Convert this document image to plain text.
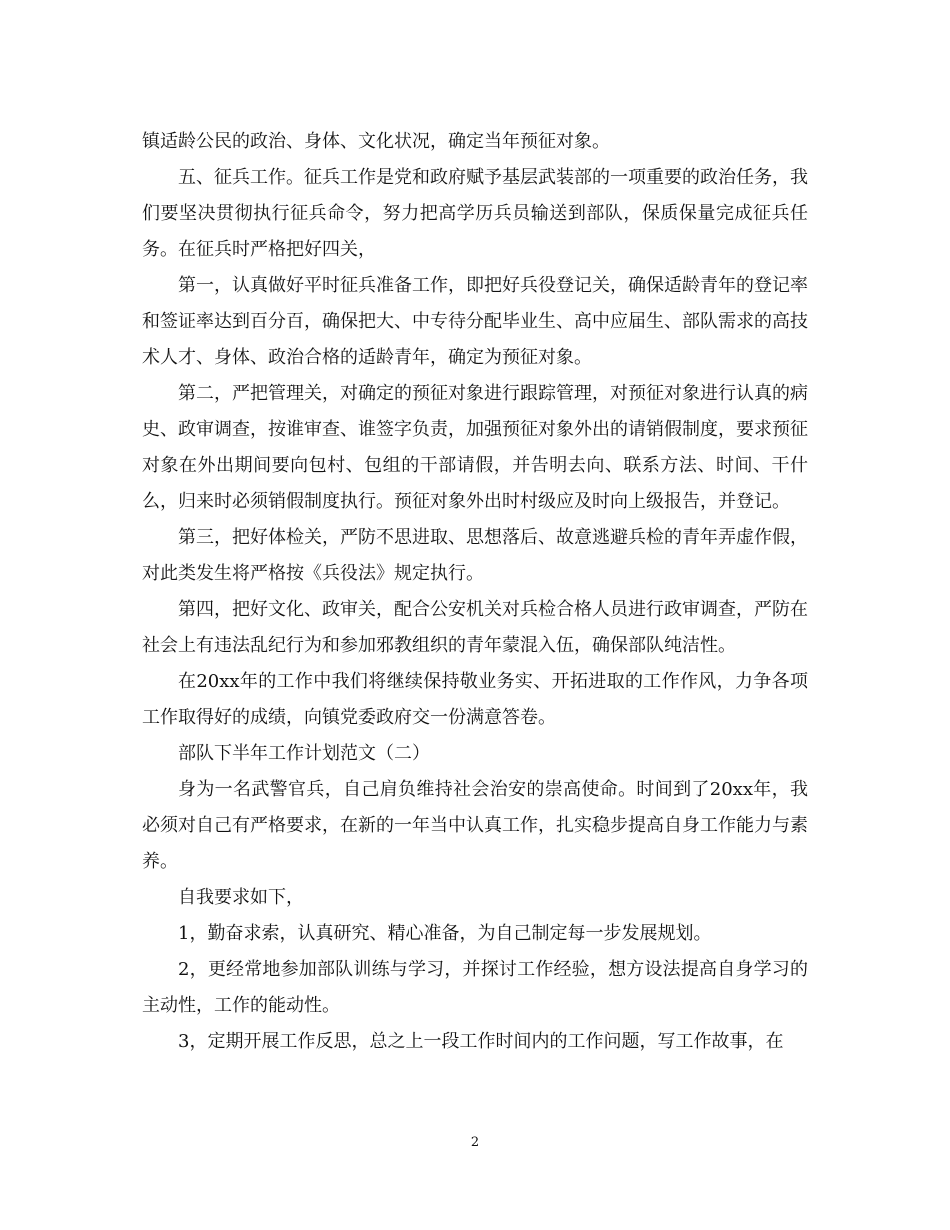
镇适龄公民的政治、身体、文化状况，确定当年预征对象。

五、征兵工作。征兵工作是党和政府赋予基层武装部的一项重要的政治任务，我们要坚决贯彻执行征兵命令，努力把高学历兵员输送到部队，保质保量完成征兵任务。在征兵时严格把好四关，

第一，认真做好平时征兵准备工作，即把好兵役登记关，确保适龄青年的登记率和签证率达到百分百，确保把大、中专待分配毕业生、高中应届生、部队需求的高技术人才、身体、政治合格的适龄青年，确定为预征对象。

第二，严把管理关，对确定的预征对象进行跟踪管理，对预征对象进行认真的病史、政审调查，按谁审查、谁签字负责，加强预征对象外出的请销假制度，要求预征对象在外出期间要向包村、包组的干部请假，并告明去向、联系方法、时间、干什么，归来时必须销假制度执行。预征对象外出时村级应及时向上级报告，并登记。

第三，把好体检关，严防不思进取、思想落后、故意逃避兵检的青年弄虚作假，对此类发生将严格按《兵役法》规定执行。

第四，把好文化、政审关，配合公安机关对兵检合格人员进行政审调查，严防在社会上有违法乱纪行为和参加邪教组织的青年蒙混入伍，确保部队纯洁性。

在20xx年的工作中我们将继续保持敬业务实、开拓进取的工作作风，力争各项工作取得好的成绩，向镇党委政府交一份满意答卷。

部队下半年工作计划范文（二）

身为一名武警官兵，自己肩负维持社会治安的崇高使命。时间到了20xx年，我必须对自己有严格要求，在新的一年当中认真工作，扎实稳步提高自身工作能力与素养。

自我要求如下，

1，勤奋求索，认真研究、精心准备，为自己制定每一步发展规划。

2，更经常地参加部队训练与学习，并探讨工作经验，想方设法提高自身学习的主动性，工作的能动性。

3，定期开展工作反思，总之上一段工作时间内的工作问题，写工作故事，在

2
